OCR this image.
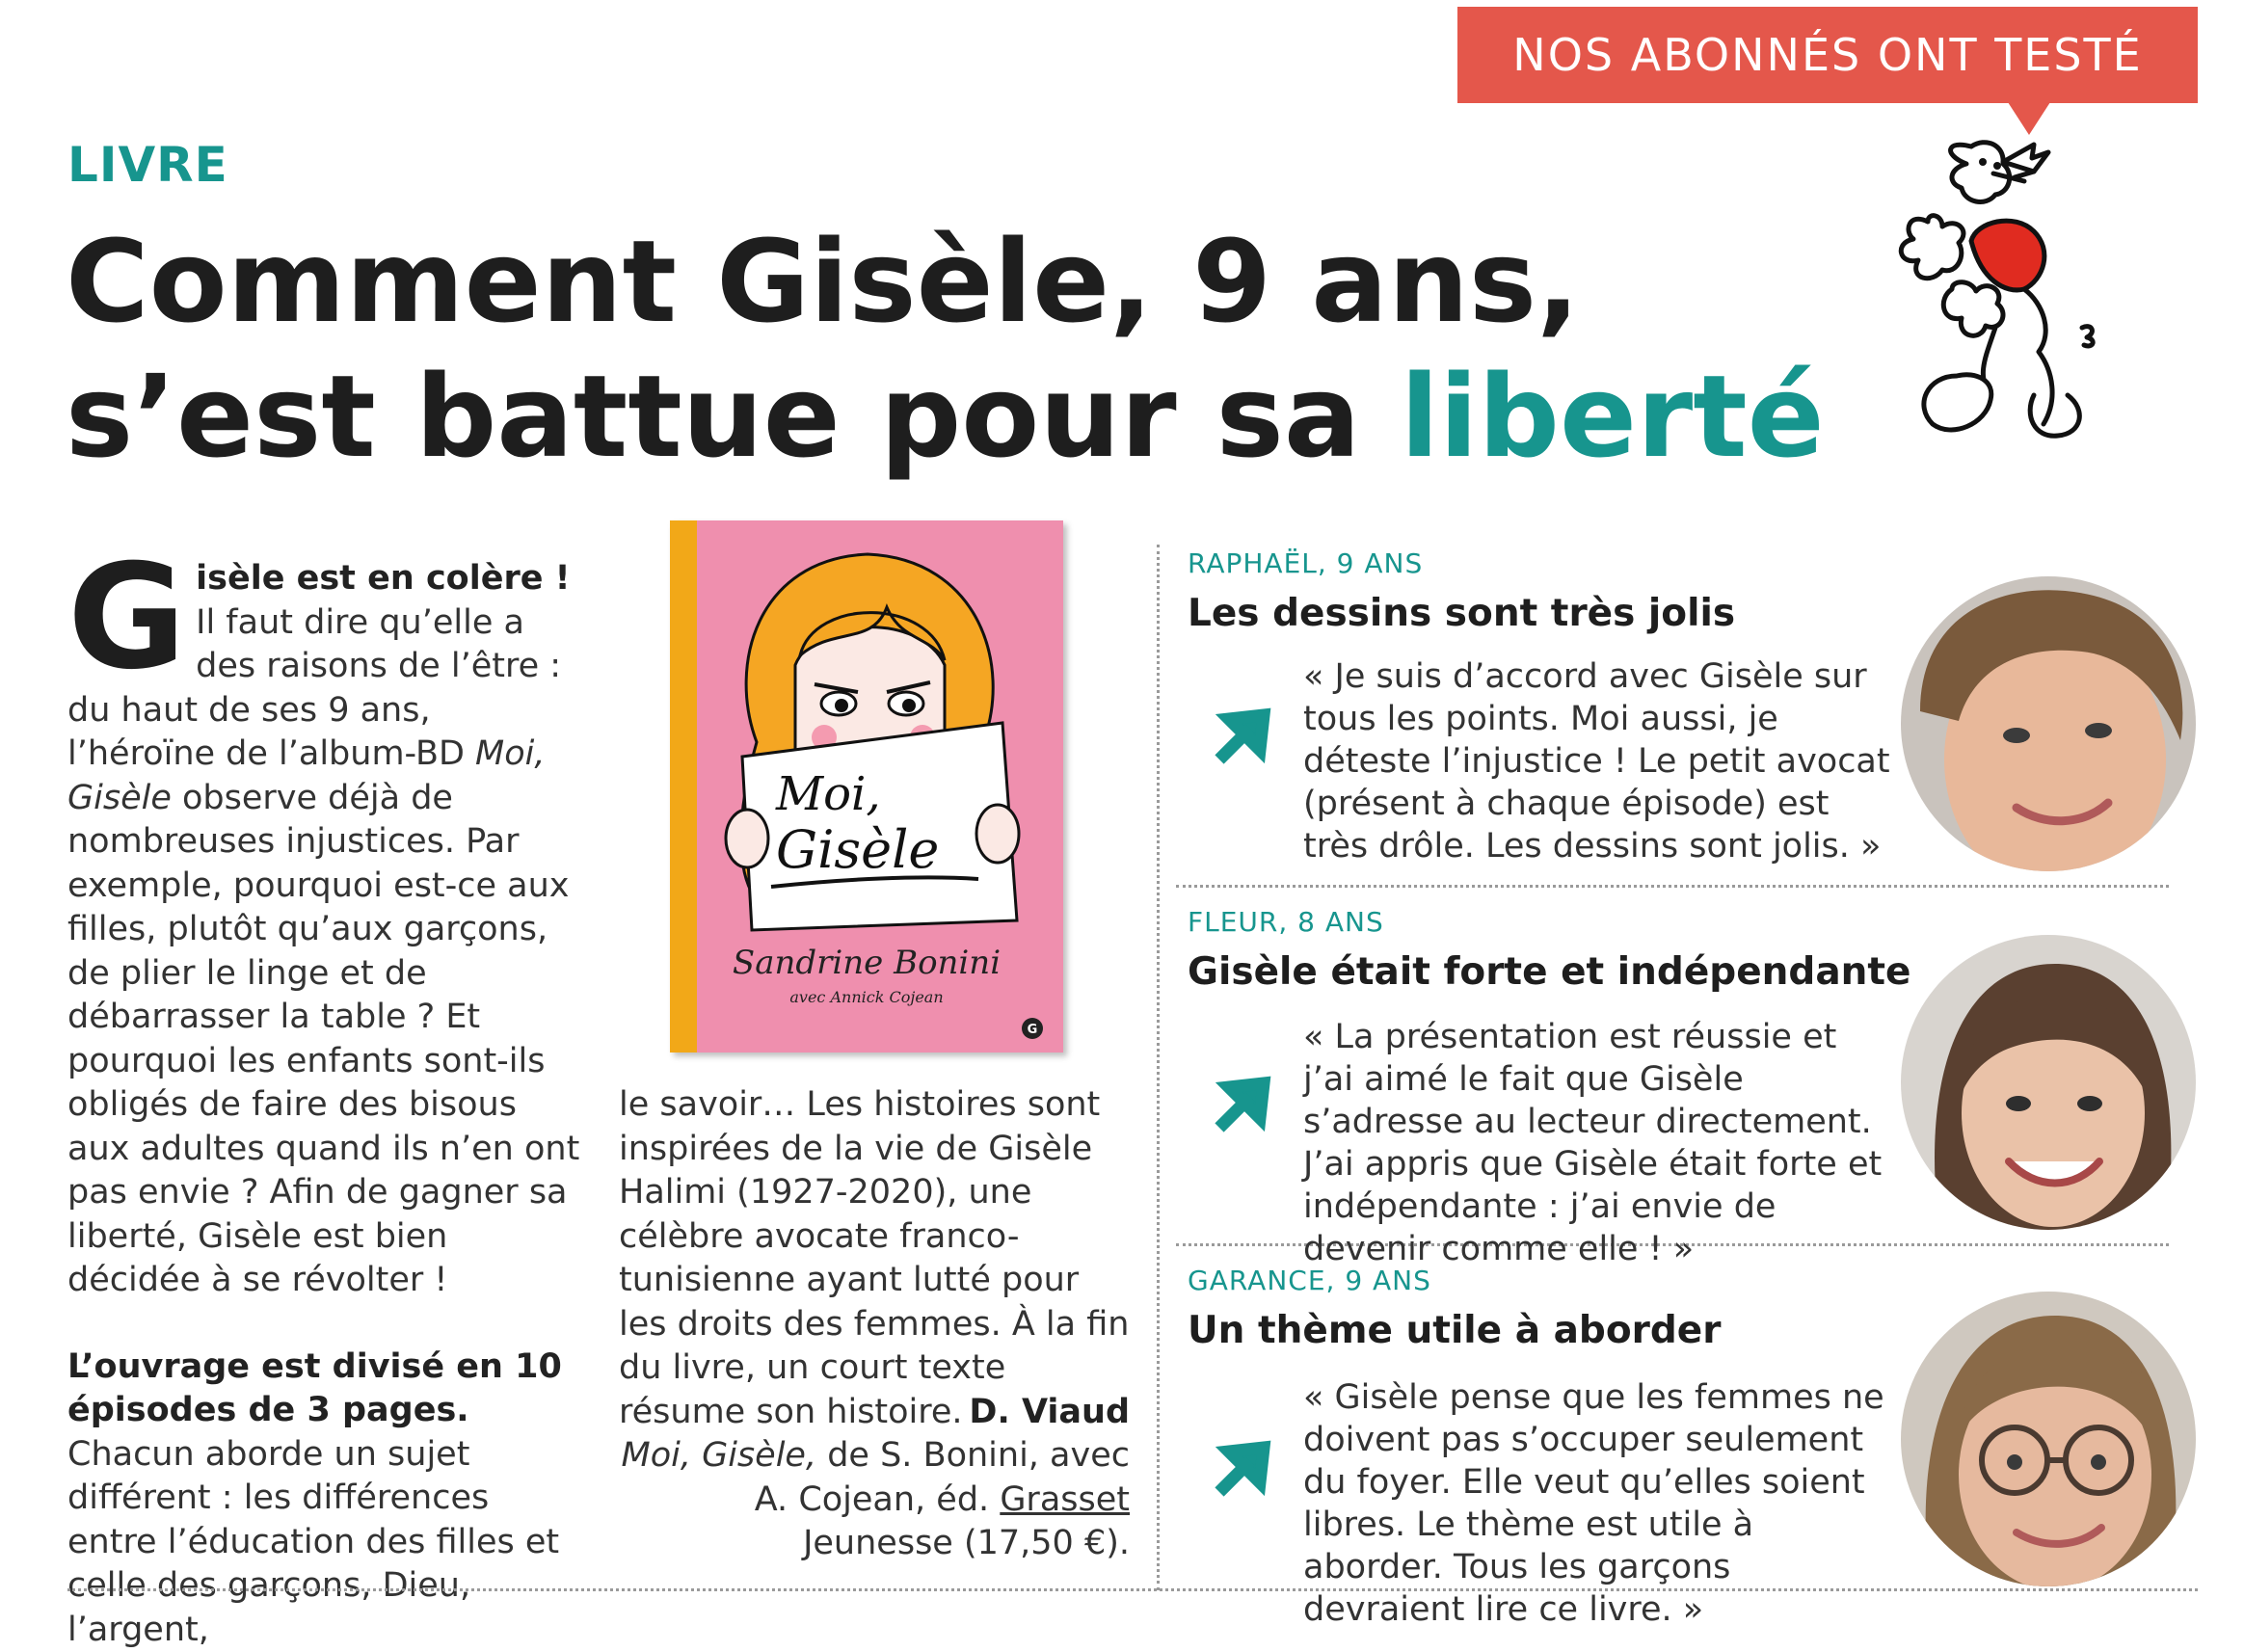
NOS ABONNÉS ONT TESTÉ
LIVRE
Comment Gisèle, 9 ans,
s’est battue pour sa liberté
G isèle est en colère ! Il faut dire qu’elle a des raisons de l’être : du haut de ses 9 ans, l’héroïne de l’album-BD Moi, Gisèle observe déjà de nombreuses injustices. Par exemple, pourquoi est-ce aux filles, plutôt qu’aux garçons, de plier le linge et de débarrasser la table ? Et pourquoi les enfants sont-ils obligés de faire des bisous aux adultes quand ils n’en ont pas envie ? Afin de gagner sa liberté, Gisèle est bien décidée à se révolter !
L’ouvrage est divisé en 10 épisodes de 3 pages. Chacun aborde un sujet différent : les différences entre l’éducation des filles et celle des garçons, Dieu, l’argent,
Moi,
Gisèle
Sandrine Bonini
avec Annick Cojean
G
le savoir… Les histoires sont inspirées de la vie de Gisèle Halimi (1927-2020), une célèbre avocate franco-tunisienne ayant lutté pour les droits des femmes. À la fin du livre, un court texte résume son histoire. D. Viaud
Moi, Gisèle, de S. Bonini, avec A. Cojean, éd. Grasset Jeunesse (17,50 €).
RAPHAËL, 9 ANS
Les dessins sont très jolis
« Je suis d’accord avec Gisèle sur tous les points. Moi aussi, je déteste l’injustice ! Le petit avocat (présent à chaque épisode) est très drôle. Les dessins sont jolis. »
FLEUR, 8 ANS
Gisèle était forte et indépendante
« La présentation est réussie et j’ai aimé le fait que Gisèle s’adresse au lecteur directement. J’ai appris que Gisèle était forte et indépendante : j’ai envie de devenir comme elle ! »
GARANCE, 9 ANS
Un thème utile à aborder
« Gisèle pense que les femmes ne doivent pas s’occuper seulement du foyer. Elle veut qu’elles soient libres. Le thème est utile à aborder. Tous les garçons devraient lire ce livre. »
